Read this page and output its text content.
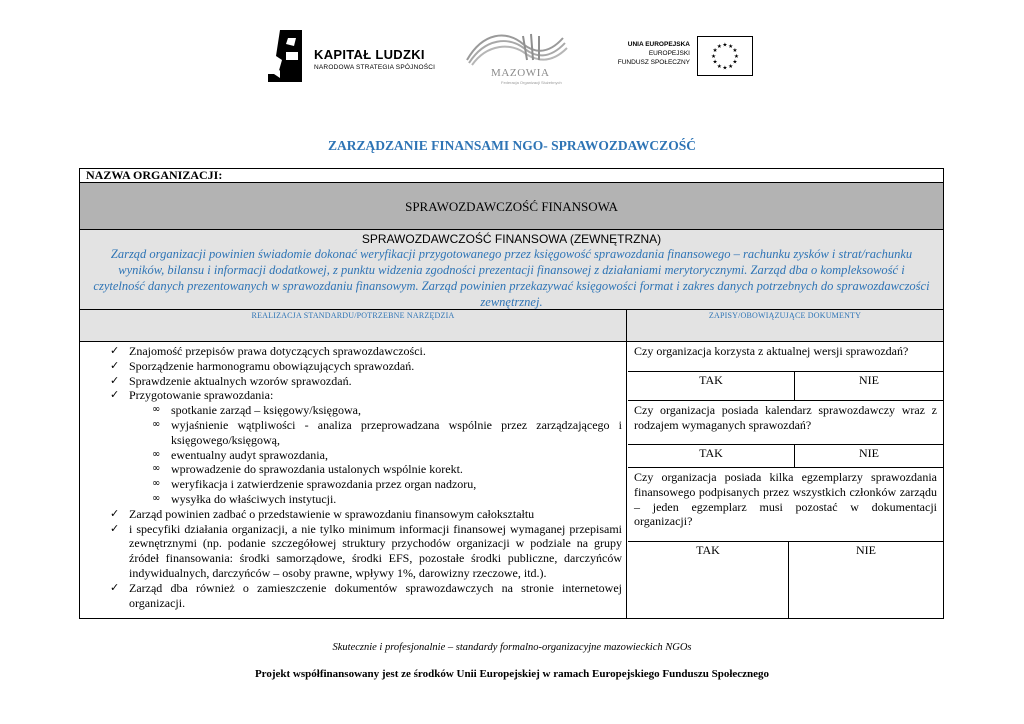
KAPITAŁ LUDZKI
NARODOWA STRATEGIA SPÓJNOŚCI	MAZOWIA
Federacja Organizacji Służebnych
UNIA EUROPEJSKA
EUROPEJSKI
FUNDUSZ SPOŁECZNY
★ ★
★
★
★
★
★
★
★
★
★
★
ZARZĄDZANIE FINANSAMI NGO- SPRAWOZDAWCZOŚĆ
NAZWA ORGANIZACJI:
SPRAWOZDAWCZOŚĆ FINANSOWA
SPRAWOZDAWCZOŚĆ FINANSOWA (ZEWNĘTRZNA)
Zarząd organizacji powinien świadomie dokonać weryfikacji przygotowanego przez księgowość sprawozdania finansowego – rachunku zysków i strat/rachunku wyników, bilansu i informacji dodatkowej, z punktu widzenia zgodności prezentacji finansowej z działaniami merytorycznymi. Zarząd dba o kompleksowość i czytelność danych prezentowanych w sprawozdaniu finansowym. Zarząd powinien przekazywać księgowości format i zakres danych potrzebnych do sprawozdawczości zewnętrznej.
REALIZACJA STANDARDU/POTRZEBNE NARZĘDZIA	ZAPISY/OBOWIĄZUJĄCE DOKUMENTY
✓ Znajomość przepisów prawa dotyczących sprawozdawczości.
✓ Sporządzenie harmonogramu obowiązujących sprawozdań.
✓ Sprawdzenie aktualnych wzorów sprawozdań.
✓ Przygotowanie sprawozdania:
∞ spotkanie zarząd – księgowy/księgowa,
∞ wyjaśnienie wątpliwości - analiza przeprowadzana wspólnie przez zarządzającego i księgowego/księgową,
∞ ewentualny audyt sprawozdania,
∞ wprowadzenie do sprawozdania ustalonych wspólnie korekt.
∞ weryfikacja i zatwierdzenie sprawozdania przez organ nadzoru,
∞ wysyłka do właściwych instytucji.
✓ Zarząd powinien zadbać o przedstawienie w sprawozdaniu finansowym całokształtu
✓ i specyfiki działania organizacji, a nie tylko minimum informacji finansowej wymaganej przepisami zewnętrznymi (np. podanie szczegółowej struktury przychodów organizacji w podziale na grupy źródeł finansowania: środki samorządowe, środki EFS, pozostałe środki publiczne, darczyńców indywidualnych, darczyńców – osoby prawne, wpływy 1%, darowizny rzeczowe, itd.).
✓ Zarząd dba również o zamieszczenie dokumentów sprawozdawczych na stronie internetowej organizacji.
Czy organizacja korzysta z aktualnej wersji sprawozdań?
TAK	NIE
Czy organizacja posiada kalendarz sprawozdawczy wraz z rodzajem wymaganych sprawozdań?
TAK	NIE
Czy organizacja posiada kilka egzemplarzy sprawozdania finansowego podpisanych przez wszystkich członków zarządu – jeden egzemplarz musi pozostać w dokumentacji organizacji?
TAK	NIE
Skutecznie i profesjonalnie – standardy formalno-organizacyjne mazowieckich NGOs
Projekt współfinansowany jest ze środków Unii Europejskiej w ramach Europejskiego Funduszu Społecznego
